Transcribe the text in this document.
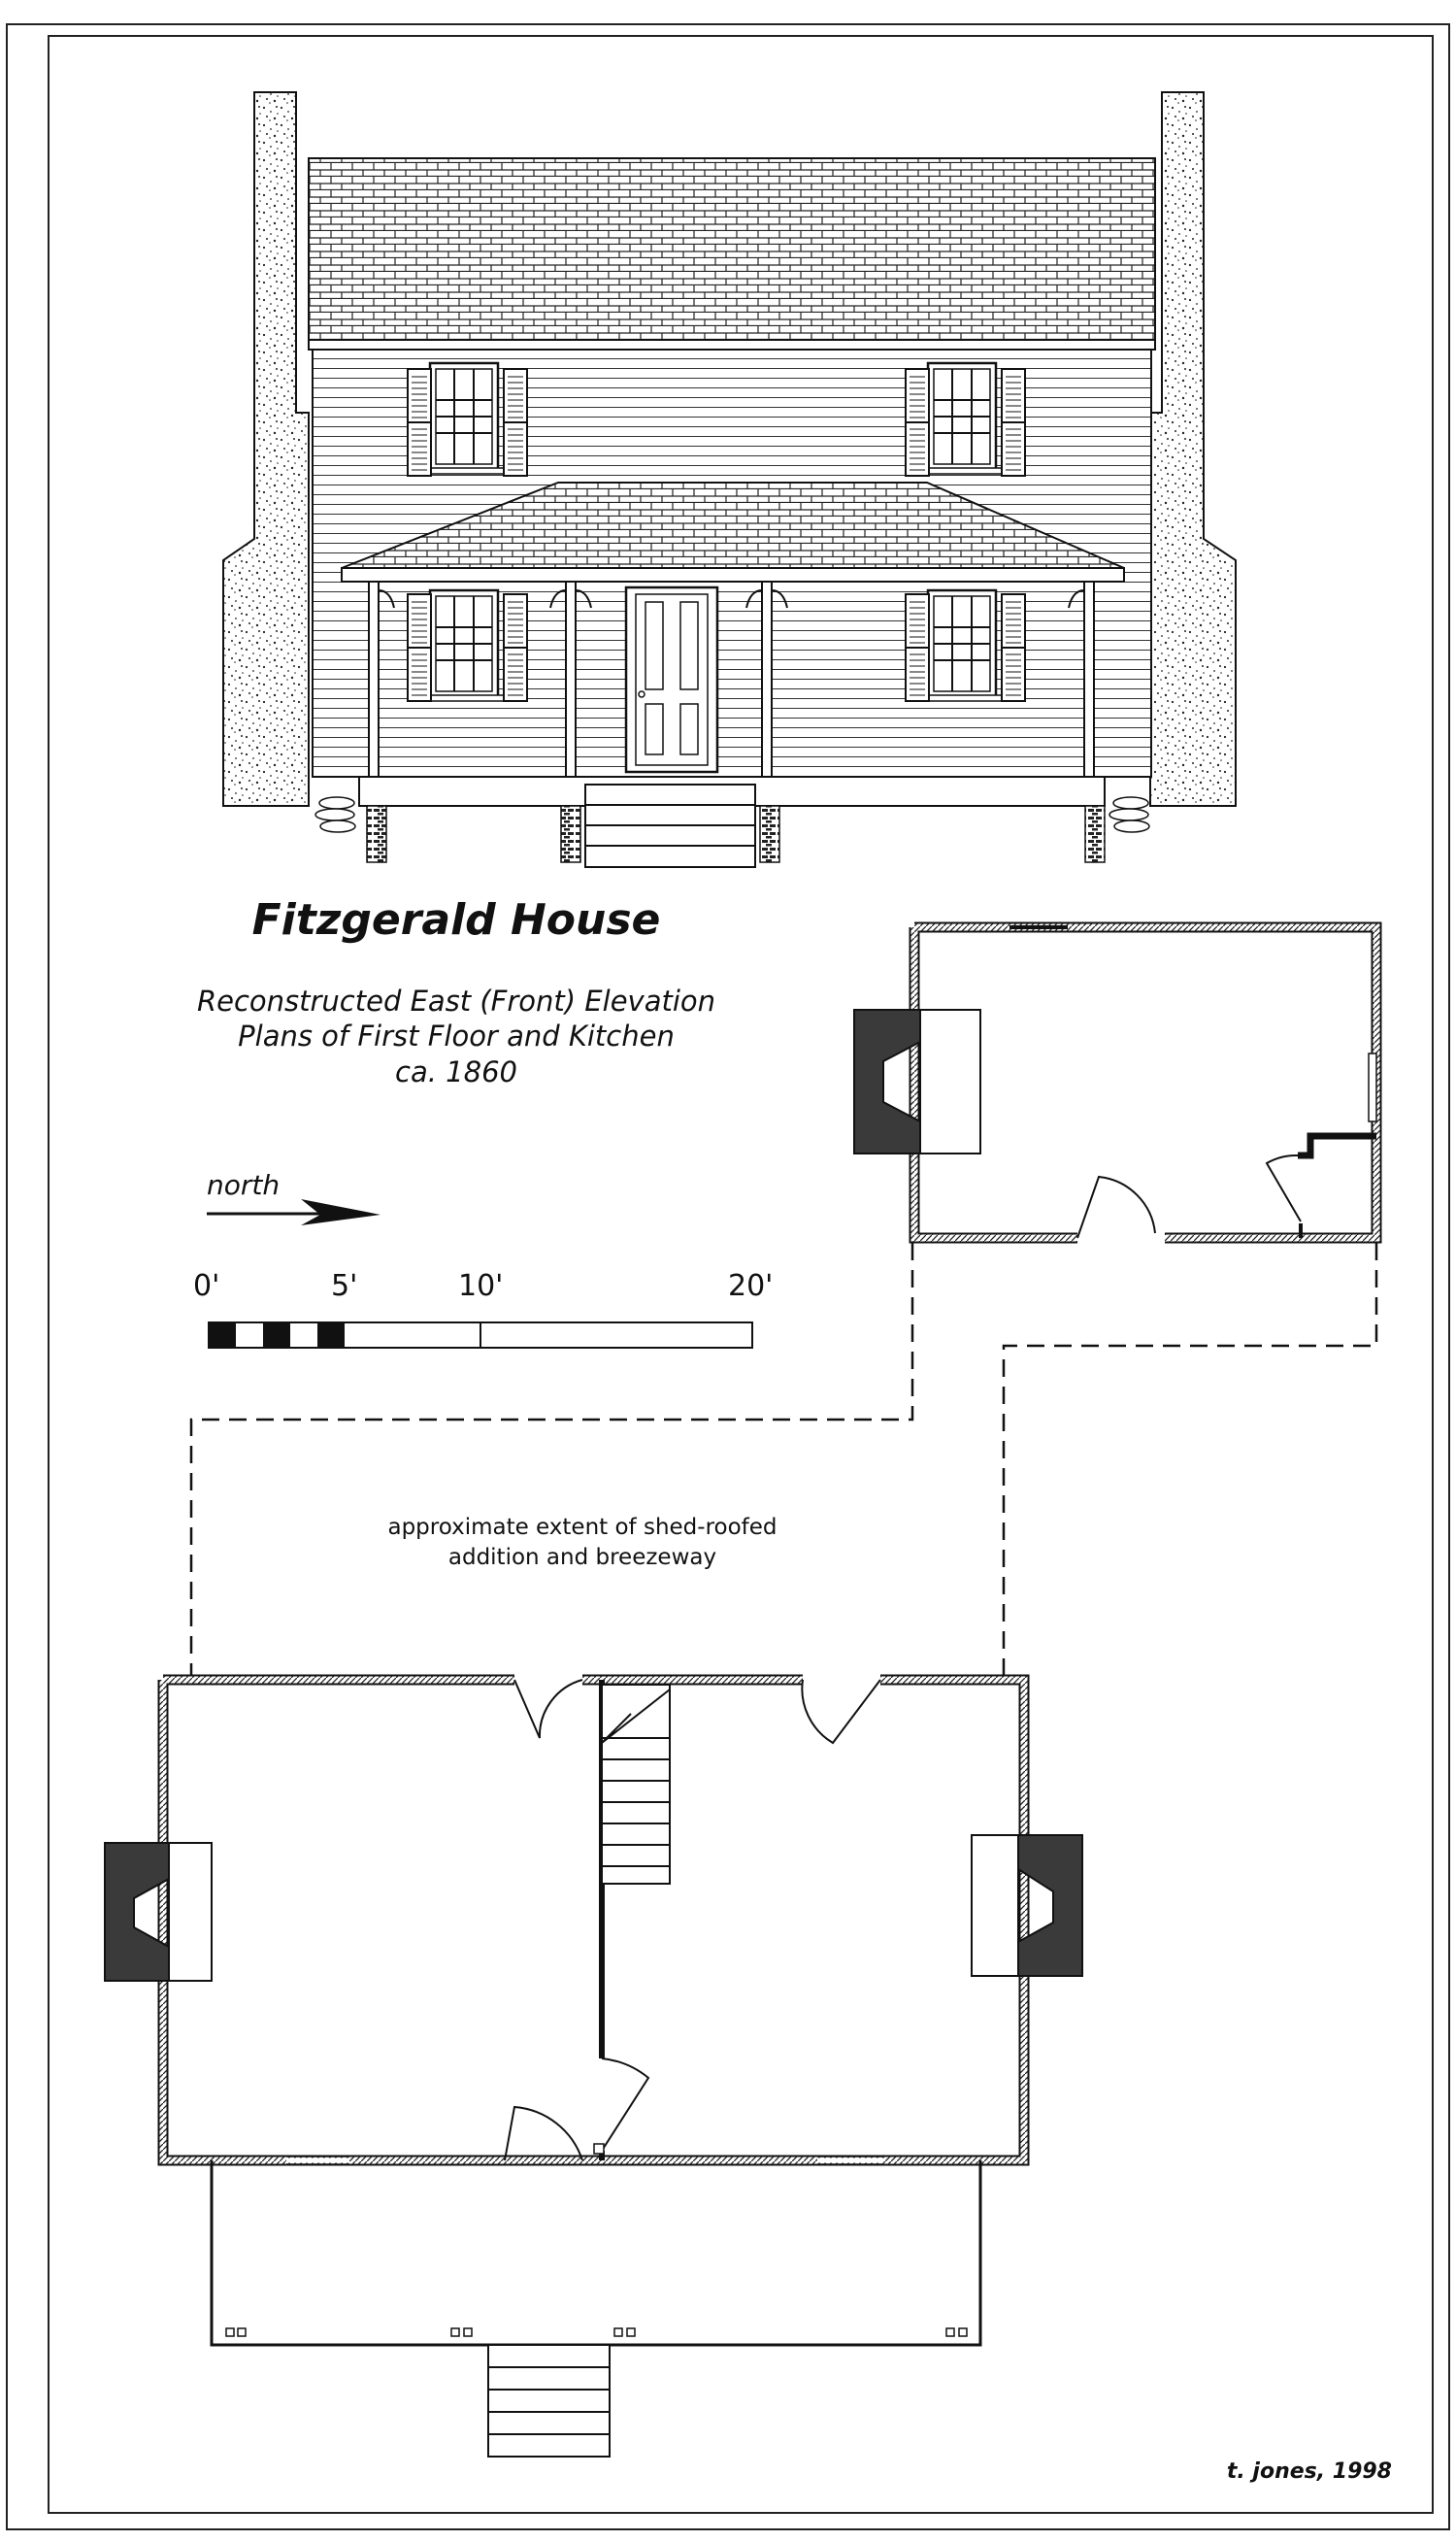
Fitzgerald House
Reconstructed East (Front) Elevation
Plans of First Floor and Kitchen
ca. 1860
north
0'	5'	10'	20'
approximate extent of shed-roofed
addition and breezeway
t. jones, 1998
